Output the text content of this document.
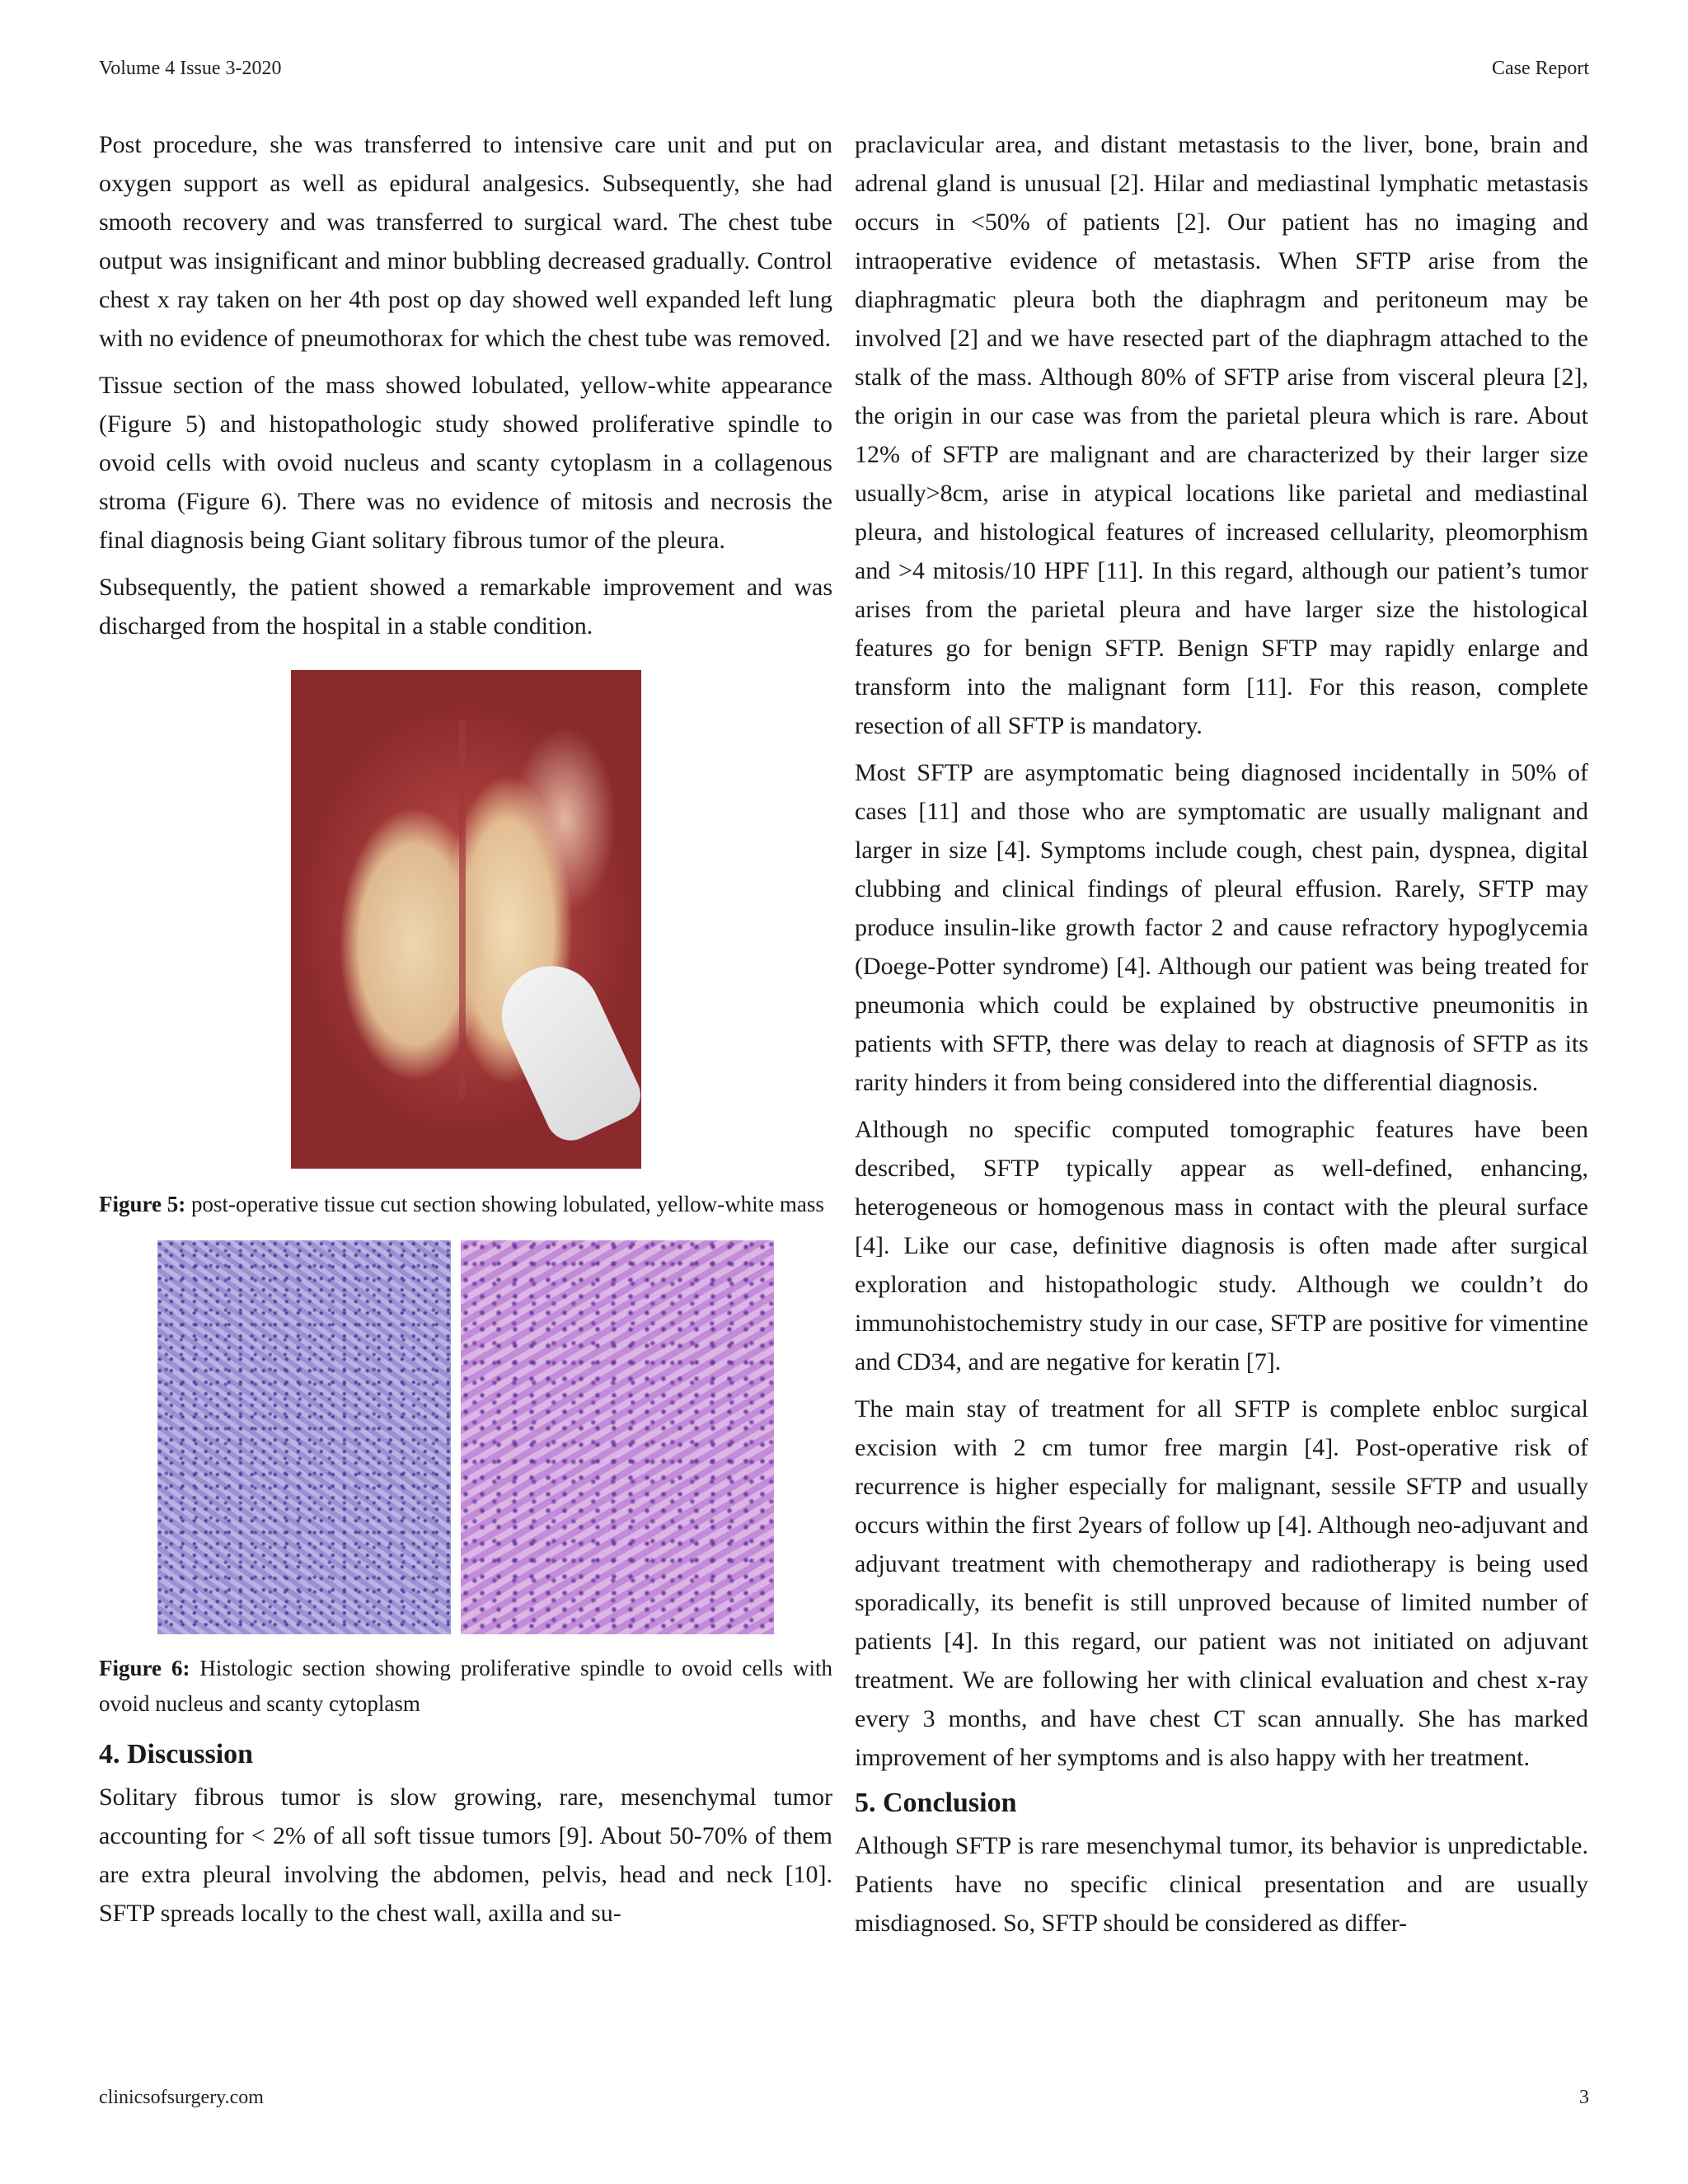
Volume 4 Issue 3-2020	Case Report

Post procedure, she was transferred to intensive care unit and put on oxygen support as well as epidural analgesics. Subsequently, she had smooth recovery and was transferred to surgical ward. The chest tube output was insignificant and minor bubbling decreased gradually. Control chest x ray taken on her 4th post op day showed well expanded left lung with no evidence of pneumothorax for which the chest tube was removed.

Tissue section of the mass showed lobulated, yellow-white appearance (Figure 5) and histopathologic study showed proliferative spindle to ovoid cells with ovoid nucleus and scanty cytoplasm in a collagenous stroma (Figure 6). There was no evidence of mitosis and necrosis the final diagnosis being Giant solitary fibrous tumor of the pleura.

Subsequently, the patient showed a remarkable improvement and was discharged from the hospital in a stable condition.

Figure 5: post-operative tissue cut section showing lobulated, yellow-white mass
Figure 6: Histologic section showing proliferative spindle to ovoid cells with ovoid nucleus and scanty cytoplasm
4. Discussion

Solitary fibrous tumor is slow growing, rare, mesenchymal tumor accounting for < 2% of all soft tissue tumors [9]. About 50-70% of them are extra pleural involving the abdomen, pelvis, head and neck [10]. SFTP spreads locally to the chest wall, axilla and su-

praclavicular area, and distant metastasis to the liver, bone, brain and adrenal gland is unusual [2]. Hilar and mediastinal lymphatic metastasis occurs in <50% of patients [2]. Our patient has no imaging and intraoperative evidence of metastasis. When SFTP arise from the diaphragmatic pleura both the diaphragm and peritoneum may be involved [2] and we have resected part of the diaphragm attached to the stalk of the mass. Although 80% of SFTP arise from visceral pleura [2], the origin in our case was from the parietal pleura which is rare. About 12% of SFTP are malignant and are characterized by their larger size usually>8cm, arise in atypical locations like parietal and mediastinal pleura, and histological features of increased cellularity, pleomorphism and >4 mitosis/10 HPF [11]. In this regard, although our patient’s tumor arises from the parietal pleura and have larger size the histological features go for benign SFTP. Benign SFTP may rapidly enlarge and transform into the malignant form [11]. For this reason, complete resection of all SFTP is mandatory.

Most SFTP are asymptomatic being diagnosed incidentally in 50% of cases [11] and those who are symptomatic are usually malignant and larger in size [4]. Symptoms include cough, chest pain, dyspnea, digital clubbing and clinical findings of pleural effusion. Rarely, SFTP may produce insulin-like growth factor 2 and cause refractory hypoglycemia (Doege-Potter syndrome) [4]. Although our patient was being treated for pneumonia which could be explained by obstructive pneumonitis in patients with SFTP, there was delay to reach at diagnosis of SFTP as its rarity hinders it from being considered into the differential diagnosis.

Although no specific computed tomographic features have been described, SFTP typically appear as well-defined, enhancing, heterogeneous or homogenous mass in contact with the pleural surface [4]. Like our case, definitive diagnosis is often made after surgical exploration and histopathologic study. Although we couldn’t do immunohistochemistry study in our case, SFTP are positive for vimentine and CD34, and are negative for keratin [7].

The main stay of treatment for all SFTP is complete enbloc surgical excision with 2 cm tumor free margin [4]. Post-operative risk of recurrence is higher especially for malignant, sessile SFTP and usually occurs within the first 2years of follow up [4]. Although neo-adjuvant and adjuvant treatment with chemotherapy and radiotherapy is being used sporadically, its benefit is still unproved because of limited number of patients [4]. In this regard, our patient was not initiated on adjuvant treatment. We are following her with clinical evaluation and chest x-ray every 3 months, and have chest CT scan annually. She has marked improvement of her symptoms and is also happy with her treatment.

5. Conclusion

Although SFTP is rare mesenchymal tumor, its behavior is unpredictable. Patients have no specific clinical presentation and are usually misdiagnosed. So, SFTP should be considered as differ-

clinicsofsurgery.com	3
